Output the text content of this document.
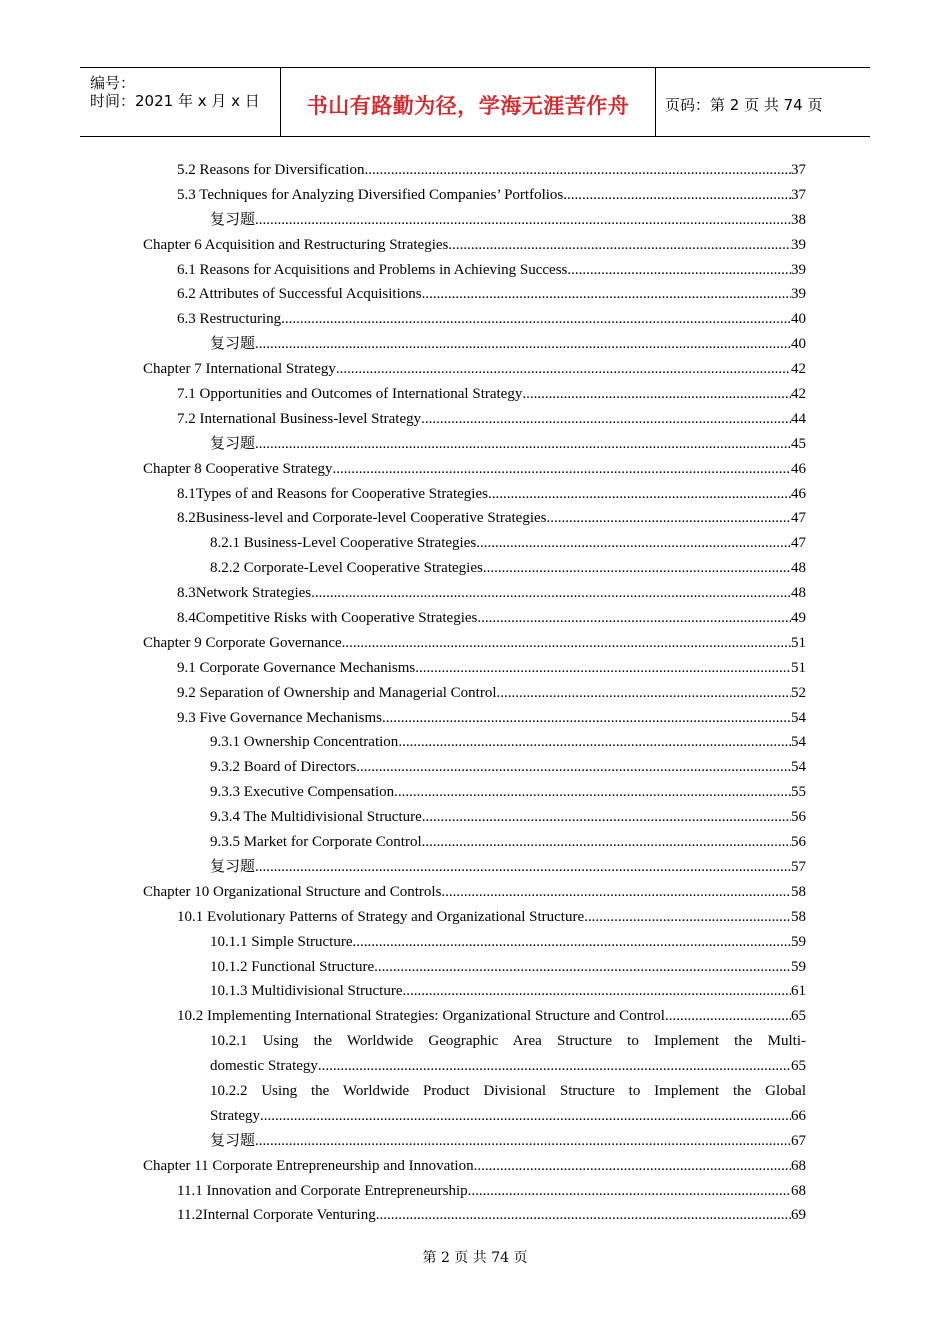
编号：
时间：2021 年 x 月 x 日	书山有路勤为径，学海无涯苦作舟	页码：第 2 页 共 74 页
5.2 Reasons for Diversification .....	37
5.3 Techniques for Analyzing Diversified Companies’ Portfolios .....	37
复习题 .....	38
Chapter 6 Acquisition and Restructuring Strategies .....	39
6.1 Reasons for Acquisitions and Problems in Achieving Success .....	39
6.2 Attributes of Successful Acquisitions .....	39
6.3 Restructuring .....	40
复习题 .....	40
Chapter 7 International Strategy .....	42
7.1 Opportunities and Outcomes of International Strategy .....	42
7.2 International Business-level Strategy .....	44
复习题 .....	45
Chapter 8 Cooperative Strategy .....	46
8.1Types of and Reasons for Cooperative Strategies .....	46
8.2Business-level and Corporate-level Cooperative Strategies .....	47
8.2.1 Business-Level Cooperative Strategies .....	47
8.2.2 Corporate-Level Cooperative Strategies .....	48
8.3Network Strategies .....	48
8.4Competitive Risks with Cooperative Strategies .....	49
Chapter 9 Corporate Governance .....	51
9.1 Corporate Governance Mechanisms .....	51
9.2 Separation of Ownership and Managerial Control .....	52
9.3 Five Governance Mechanisms .....	54
9.3.1 Ownership Concentration .....	54
9.3.2 Board of Directors .....	54
9.3.3 Executive Compensation .....	55
9.3.4 The Multidivisional Structure .....	56
9.3.5 Market for Corporate Control .....	56
复习题 .....	57
Chapter 10 Organizational Structure and Controls .....	58
10.1 Evolutionary Patterns of Strategy and Organizational Structure .....	58
10.1.1 Simple Structure .....	59
10.1.2 Functional Structure .....	59
10.1.3 Multidivisional Structure .....	61
10.2 Implementing International Strategies: Organizational Structure and Control .....	65
10.2.1 Using the Worldwide Geographic Area Structure to Implement the Multi-
domestic Strategy .....	65
10.2.2 Using the Worldwide Product Divisional Structure to Implement the Global
Strategy .....	66
复习题 .....	67
Chapter 11 Corporate Entrepreneurship and Innovation .....	68
11.1 Innovation and Corporate Entrepreneurship .....	68
11.2Internal Corporate Venturing .....	69
第 2 页 共 74 页
